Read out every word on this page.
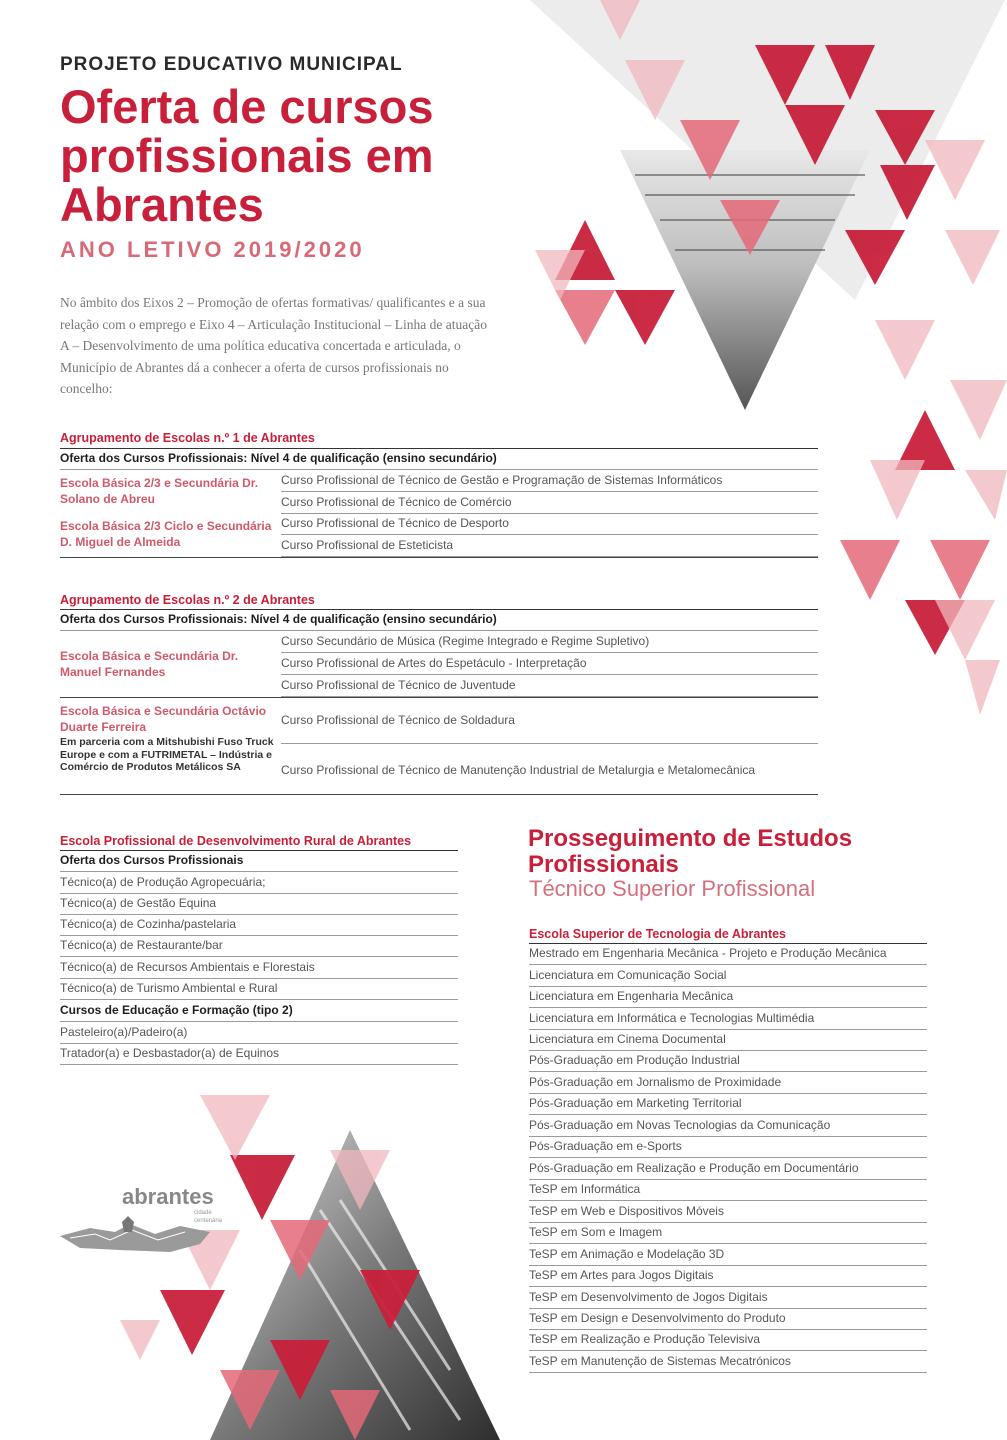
PROJETO EDUCATIVO MUNICIPAL

Oferta de cursos profissionais em Abrantes

ANO LETIVO 2019/2020

No âmbito dos Eixos 2 – Promoção de ofertas formativas/ qualificantes e a sua relação com o emprego e Eixo 4 – Articulação Institucional – Linha de atuação A – Desenvolvimento de uma política educativa concertada e articulada, o Município de Abrantes dá a conhecer a oferta de cursos profissionais no concelho:

Agrupamento de Escolas n.º 1 de Abrantes

Oferta dos Cursos Profissionais: Nível 4 de qualificação (ensino secundário)

Escola Básica 2/3 e Secundária Dr. Solano de Abreu

Curso Profissional de Técnico de Gestão e Programação de Sistemas Informáticos
Curso Profissional de Técnico de Comércio

Escola Básica 2/3 Ciclo e Secundária D. Miguel de Almeida

Curso Profissional de Técnico de Desporto
Curso Profissional de Esteticista

Agrupamento de Escolas n.º 2 de Abrantes

Oferta dos Cursos Profissionais: Nível 4 de qualificação (ensino secundário)

Escola Básica e Secundária Dr. Manuel Fernandes

Curso Secundário de Música (Regime Integrado e Regime Supletivo)
Curso Profissional de Artes do Espetáculo - Interpretação
Curso Profissional de Técnico de Juventude

Escola Básica e Secundária Octávio Duarte Ferreira

Em parceria com a Mitshubishi Fuso Truck Europe e com a FUTRIMETAL – Indústria e Comércio de Produtos Metálicos SA

Curso Profissional de Técnico de Soldadura
Curso Profissional de Técnico de Manutenção Industrial de Metalurgia e Metalomecânica

Escola Profissional de Desenvolvimento Rural de Abrantes

Oferta dos Cursos Profissionais
Técnico(a) de Produção Agropecuária;
Técnico(a) de Gestão Equina
Técnico(a) de Cozinha/pastelaria
Técnico(a) de Restaurante/bar
Técnico(a) de Recursos Ambientais e Florestais
Técnico(a) de Turismo Ambiental e Rural
Cursos de Educação e Formação (tipo 2)
Pasteleiro(a)/Padeiro(a)
Tratador(a) e Desbastador(a) de Equinos
Prosseguimento de Estudos Profissionais

Técnico Superior Profissional

Escola Superior de Tecnologia de Abrantes

Mestrado em Engenharia Mecânica - Projeto e Produção Mecânica
Licenciatura em Comunicação Social
Licenciatura em Engenharia Mecânica
Licenciatura em Informática e Tecnologias Multimédia
Licenciatura em Cinema Documental
Pós-Graduação em Produção Industrial
Pós-Graduação em Jornalismo de Proximidade
Pós-Graduação em Marketing Territorial
Pós-Graduação em Novas Tecnologias da Comunicação
Pós-Graduação em e-Sports
Pós-Graduação em Realização e Produção em Documentário
TeSP em Informática
TeSP em Web e Dispositivos Móveis
TeSP em Som e Imagem
TeSP em Animação e Modelação 3D
TeSP em Artes para Jogos Digitais
TeSP em Desenvolvimento de Jogos Digitais
TeSP em Design e Desenvolvimento do Produto
TeSP em Realização e Produção Televisiva
TeSP em Manutenção de Sistemas Mecatrónicos

abrantes

cidade centenária
